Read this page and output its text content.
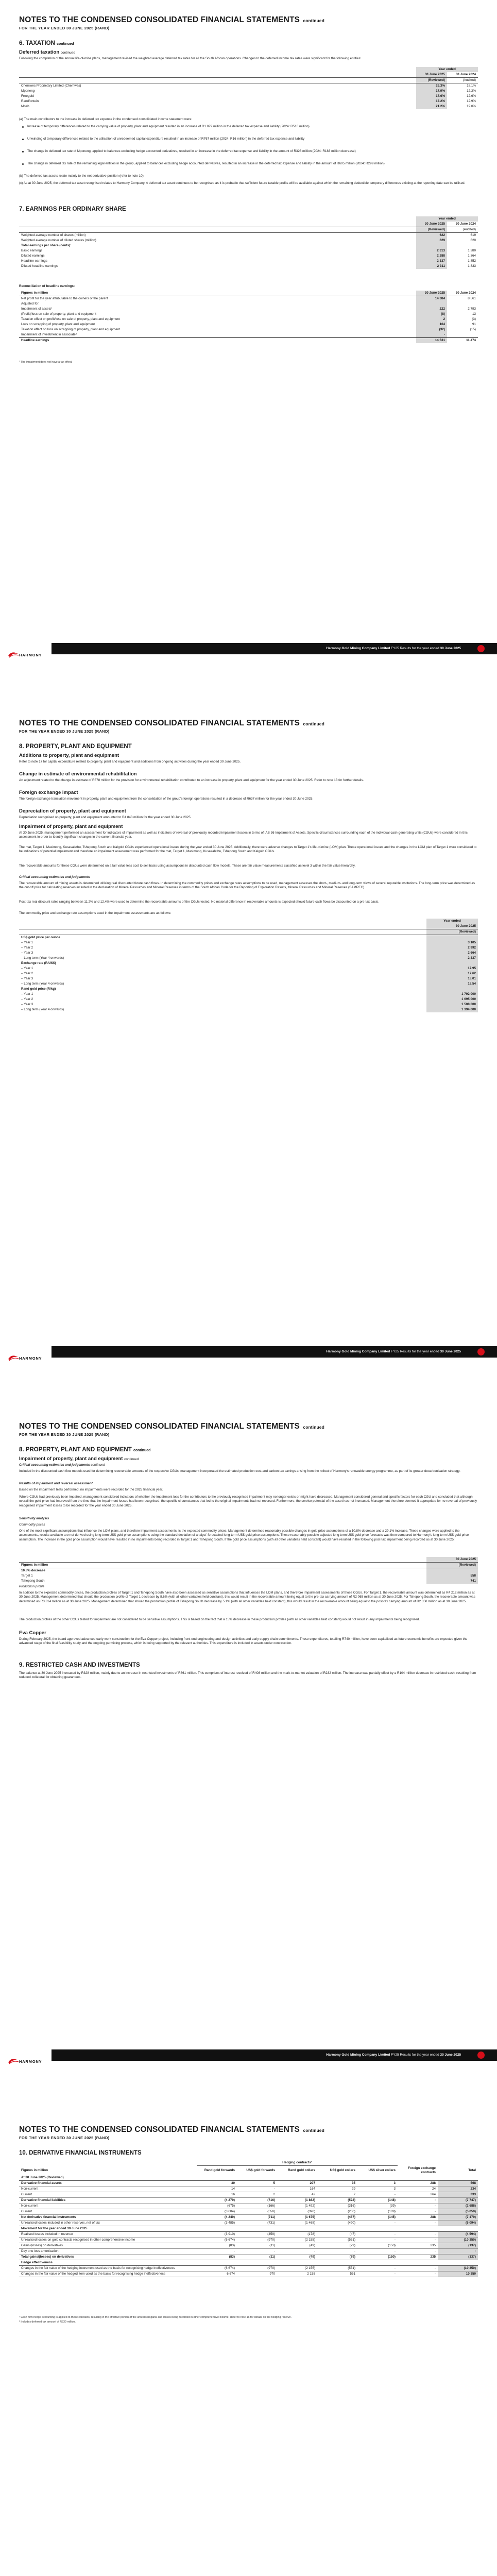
NOTES TO THE CONDENSED CONSOLIDATED FINANCIAL STATEMENTS continued
FOR THE YEAR ENDED 30 JUNE 2025 (RAND)
6. TAXATION continued
Deferred taxation continued
Following the completion of the annual life-of-mine plans, management revised the weighted average deferred tax rates for all the South African operations. Changes to the deferred income tax rates were significant for the following entities:
	Year ended	
	30 June 2025	30 June 2024
	(Reviewed)	(Audited)
Chemwes Proprietary Limited (Chemwes)	26.3%	18.1%
Mponeng	17.9%	12.3%
Freegold	17.6%	12.6%
Randfontein	17.2%	12.9%
Moab	21.2%	19.0%
(a) The main contributors to the increase in deferred tax expense in the condensed consolidated income statement were:
Increase of temporary differences related to the carrying value of property, plant and equipment resulted in an increase of R1 079 million in the deferred tax expense and liability (2024: R510 million)
Unwinding of temporary differences related to the utilisation of unredeemed capital expenditure resulted in an increase of R767 million (2024: R16 million) in the deferred tax expense and liability
The change in deferred tax rate of Mponeng, applied to balances excluding hedge accounted derivatives, resulted in an increase in the deferred tax expense and liability in the amount of R328 million (2024: R183 million decrease)
The change in deferred tax rate of the remaining legal entities in the group, applied to balances excluding hedge accounted derivatives, resulted in an increase in the deferred tax expense and liability in the amount of R605 million (2024: R299 million).
(b) The deferred tax assets relate mainly to the net derivative position (refer to note 10).
(c) As at 30 June 2025, the deferred tax asset recognised relates to Harmony Company. A deferred tax asset continues to be recognised as it is probable that sufficient future taxable profits will be available against which the remaining deductible temporary differences existing at the reporting date can be utilised.
7. EARNINGS PER ORDINARY SHARE
	Year ended	
	30 June 2025	30 June 2024
	(Reviewed)	(Audited)
Weighted average number of shares (million)	622	619
Weighted average number of diluted shares (million)	629	620
Total earnings per share (cents):		
Basic earnings	2 313	1 380
Diluted earnings	2 288	1 364
Headline earnings	2 337	1 852
Diluted headline earnings	2 311	1 833
Reconciliation of headline earnings:
Figures in million	30 June 2025	30 June 2024
Net profit for the year attributable to the owners of the parent	14 384	8 561
Adjusted for:		
Impairment of assets¹	222	2 793
(Profit)/loss on sale of property, plant and equipment	(8)	13
Taxation effect on profit/loss on sale of property, plant and equipment	2	(3)
Loss on scrapping of property, plant and equipment	164	91
Taxation effect on loss on scrapping of property, plant and equipment	(32)	(15)
Impairment of investment in associate²	-	
Headline earnings	14 531	11 474
¹ The impairment does not have a tax effect.
Harmony Gold Mining Company Limited FY25 Results for the year ended 30 June 2025
HARMONY
NOTES TO THE CONDENSED CONSOLIDATED FINANCIAL STATEMENTS continued
FOR THE YEAR ENDED 30 JUNE 2025 (RAND)
8. PROPERTY, PLANT AND EQUIPMENT
Additions to property, plant and equipment
Refer to note 17 for capital expenditure related to property, plant and equipment and additions from ongoing activities during the year ended 30 June 2025.
Change in estimate of environmental rehabilitation
An adjustment related to the change in estimate of R578 million for the provision for environmental rehabilitation contributed to an increase in property, plant and equipment for the year ended 30 June 2025. Refer to note 13 for further details.
Foreign exchange impact
The foreign exchange translation movement in property, plant and equipment from the consolidation of the group's foreign operations resulted in a decrease of R637 million for the year ended 30 June 2025.
Depreciation of property, plant and equipment
Depreciation recognised on property, plant and equipment amounted to R4 843 million for the year ended 30 June 2025.
Impairment of property, plant and equipment
At 30 June 2025, management performed an assessment for indicators of impairment as well as indicators of reversal of previously recorded impairment losses in terms of IAS 36 Impairment of Assets. Specific circumstances surrounding each of the individual cash-generating units (CGUs) were considered in this assessment in order to identify significant changes in the current financial year.
The mat, Target 1, Masimong, Kusasalethu, Tshepong South and Kalgold CGUs experienced operational issues during the year ended 30 June 2025. Additionally, there were adverse changes to Target 1's life-of-mine (LOM) plan. These operational issues and the changes in the LOM plan of Target 1 were considered to be indications of potential impairment and therefore an impairment assessment was performed for the mat, Target 1, Masimong, Kusasalethu, Tshepong South and Kalgold CGUs.
The recoverable amounts for these CGUs were determined on a fair value less cost to sell basis using assumptions in discounted cash flow models. These are fair value measurements classified as level 3 within the fair value hierarchy.
Critical accounting estimates and judgements
The recoverable amount of mining assets is determined utilising real discounted future cash flows. In determining the commodity prices and exchange rates assumptions to be used, management assesses the short-, medium- and long-term views of several reputable institutions. The long-term price was determined as the cut-off price for calculating reserves included in the declaration of Mineral Resources and Mineral Reserves in terms of the South African Code for the Reporting of Exploration Results, Mineral Resources and Mineral Reserves (SAMREC).
Post-tax real discount rates ranging between 11.2% and 12.4% were used to determine the recoverable amounts of the CGUs tested. No material difference in recoverable amounts is expected should future cash flows be discounted on a pre-tax basis.
The commodity price and exchange rate assumptions used in the impairment assessments are as follows:
	Year ended
	30 June 2025
	(Reviewed)
US$ gold price per ounce	
– Year 1	3 105
– Year 2	2 992
– Year 3	2 664
– Long term (Year 4 onwards)	2 337
Exchange rate (R/US$)	
– Year 1	17.95
– Year 2	17.62
– Year 3	18.01
– Long term (Year 4 onwards)	18.54
Rand gold price (R/kg)	
– Year 1	1 792 000
– Year 2	1 695 000
– Year 3	1 508 000
– Long term (Year 4 onwards)	1 394 000
Harmony Gold Mining Company Limited FY25 Results for the year ended 30 June 2025
HARMONY
NOTES TO THE CONDENSED CONSOLIDATED FINANCIAL STATEMENTS continued
FOR THE YEAR ENDED 30 JUNE 2025 (RAND)
8. PROPERTY, PLANT AND EQUIPMENT continued
Impairment of property, plant and equipment continued
Critical accounting estimates and judgements continued
Included in the discounted cash flow models used for determining recoverable amounts of the respective CGUs, management incorporated the estimated production cost and carbon tax savings arising from the rollout of Harmony's renewable energy programme, as part of its greater decarbonisation strategy.
Results of impairment and reversal assessment
Based on the impairment tests performed, no impairments were recorded for the 2025 financial year.
Where CGUs had previously been impaired, management considered indicators of whether the impairment loss for the contributors to the previously recognised impairment may no longer exists or might have decreased. Management considered general and specific factors for each CGU and concluded that although overall the gold price had improved from the time that the impairment losses had been recognised, the specific circumstances that led to the original impairments had not reversed. Furthermore, the service potential of the asset has not increased. Management therefore deemed it appropriate for no reversal of previously recognised impairment losses to be recorded for the year ended 30 June 2025.
Sensitivity analysis
Commodity prices
One of the most significant assumptions that influence the LOM plans, and therefore impairment assessments, is the expected commodity prices. Management determined reasonably possible changes in gold price assumptions of a 10.8% decrease and a 29.1% increase. These changes were applied to the assessments, results available are not derived using long term US$ gold price assumptions using the standard deviation of analyst' forecasted long-term US$ gold price assumptions. These reasonably possible adjusted long term US$ gold price forecasts was then compared to Harmony's long-term US$ gold price assumption. The increase in the gold price assumption would have resulted in no impairments being recorded in Target 1 and Tshepong South. If the gold price assumptions (with all other variables held constant) would have resulted in the following post-tax impairment being recorded as at 30 June 2025:
	30 June 2025
Figures in million	(Reviewed)
10.8% decrease	
Target 1	558
Tshepong South	741
Production profile
In addition to the expected commodity prices, the production profiles of Target 1 and Tshepong South have also been assessed as sensitive assumptions that influences the LOM plans, and therefore impairment assessments of those CGUs. For Target 1, the recoverable amount was determined as R4 212 million as at 30 June 2025. Management determined that should the production profile of Target 1 decrease by 8.6% (with all other variables held constant), this would result in the recoverable amount being equal to the pre-tax carrying amount of R2 065 million as at 30 June 2025. For Tshepong South, the recoverable amount was determined as R3 314 million as at 30 June 2025. Management determined that should the production profile of Tshepong South decrease by 5.1% (with all other variables held constant), this would result in the recoverable amount being equal to the post-tax carrying amount of R2 350 million as at 30 June 2025.
The production profiles of the other CGUs tested for impairment are not considered to be sensitive assumptions. This is based on the fact that a 15% decrease in these production profiles (with all other variables held constant) would not result in any impairments being recognised.
Eva Copper
During February 2025, the board approved advanced early work construction for the Eva Copper project, including front end engineering and design activities and early supply chain commitments. These expenditures, totalling R740 million, have been capitalised as future economic benefits are expected given the advanced stage of the final feasibility study and the ongoing permitting process, which is being supported by the relevant authorities. This expenditure is included in assets under construction.
9. RESTRICTED CASH AND INVESTMENTS
The balance at 30 June 2025 increased by R328 million, mainly due to an increase in restricted investments of R861 million. This comprises of interest received of R408 million and the mark-to-market valuation of R232 million. The increase was partially offset by a R104 million decrease in restricted cash, resulting from reduced collateral for obtaining guarantees.
Harmony Gold Mining Company Limited FY25 Results for the year ended 30 June 2025
HARMONY
NOTES TO THE CONDENSED CONSOLIDATED FINANCIAL STATEMENTS continued
FOR THE YEAR ENDED 30 JUNE 2025 (RAND)
10. DERIVATIVE FINANCIAL INSTRUMENTS
	Hedging contracts¹						
Figures in million	Rand gold forwards	US$ gold forwards	Rand gold collars	US$ gold collars	US$ silver collars	Foreign exchange contracts	Total
At 30 June 2025 (Reviewed)							
Derivative financial assets	30	5	207	35	3	288	568
Non-current	14	-	164	29	3	24	234
Current	16	2	42	7	-	264	333
Derivative financial liabilities	(4 279)	(716)	(1 882)	(522)	(148)	-	(7 747)
Non-current	(675)	(166)	(1 492)	(316)	(39)	-	(2 688)
Current	(3 604)	(550)	(390)	(206)	(109)	-	(5 059)
Net derivative financial instruments	(4 249)	(711)	(1 675)	(487)	(145)	288	(7 179)
Unrealised losses included in other reserves, net of tax	(3 485)	(731)	(1 468)	(490)	-	-	(6 094)
Movement for the year ended 30 June 2025							
Realised losses included in revenue	(3 910)	(459)	(178)	(47)	-	-	(4 594)
Unrealised losses on gold contracts recognised in other comprehensive income	(6 674)	(970)	(2 155)	(551)	-	-	(10 350)
Gains/(losses) on derivatives	(83)	(11)	(49)	(79)	(150)	235	(137)
Day one loss amortisation	-	-	-	-	-	-	-
Total gains/(losses) on derivatives	(83)	(11)	(49)	(79)	(150)	235	(137)
Hedge effectiveness							
Changes in the fair value of the hedging instrument used as the basis for recognising hedge ineffectiveness	(6 674)	(970)	(2 155)	(551)	-	-	(10 350)
Changes in the fair value of the hedged item used as the basis for recognising hedge ineffectiveness	6 674	970	2 155	551	-	-	10 350
¹ Cash flow hedge accounting is applied to these contracts, resulting in the effective portion of the unrealised gains and losses being recorded in other comprehensive income. Refer to note 16 for details on the hedging reserve.
² Includes deferred tax amount of R530 million.
